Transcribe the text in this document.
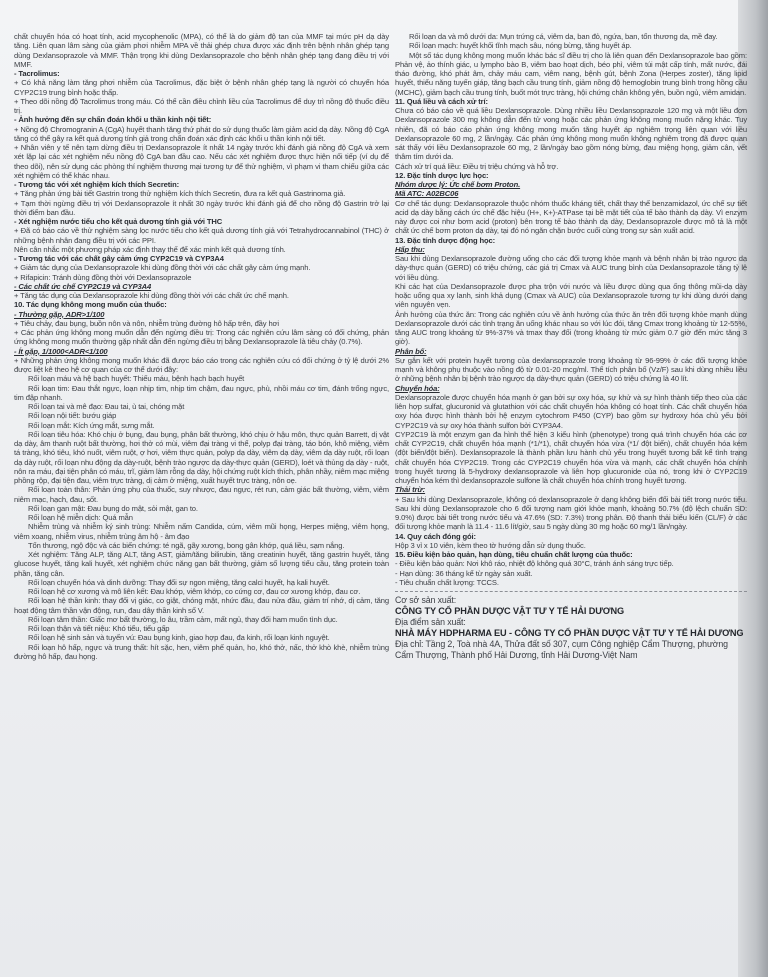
chất chuyển hóa có hoạt tính, acid mycophenolic (MPA), có thể là do giảm độ tan của MMF tại mức pH dạ dày tăng. Liên quan lâm sàng của giảm phơi nhiễm MPA về thải ghép chưa được xác định trên bệnh nhân ghép tạng dùng Dexlansoprazole và MMF. Thận trọng khi dùng Dexlansoprazole cho bệnh nhân ghép tạng đang điều trị với MMF.

- Tacrolimus:

+ Có khả năng làm tăng phơi nhiễm của Tacrolimus, đặc biệt ở bệnh nhân ghép tạng là người có chuyển hóa CYP2C19 trung bình hoặc thấp.

+ Theo dõi nồng độ Tacrolimus trong máu. Có thể cần điều chỉnh liều của Tacrolimus để duy trì nồng độ thuốc điều trị.

- Ảnh hưởng đến sự chẩn đoán khối u thần kinh nội tiết:

+ Nồng độ Chromogranin A (CgA) huyết thanh tăng thứ phát do sử dụng thuốc làm giảm acid dạ dày. Nồng độ CgA tăng có thể gây ra kết quả dương tính giả trong chẩn đoán xác định các khối u thần kinh nội tiết.

+ Nhân viên y tế nên tạm dừng điều trị Dexlansoprazole ít nhất 14 ngày trước khi đánh giá nồng độ CgA và xem xét lặp lại các xét nghiệm nếu nồng độ CgA ban đầu cao. Nếu các xét nghiệm được thực hiện nối tiếp (ví dụ để theo dõi), nên sử dụng các phòng thí nghiệm thương mại tương tự để thử nghiệm, vì phạm vi tham chiếu giữa các xét nghiệm có thể khác nhau.

- Tương tác với xét nghiệm kích thích Secretin:

+ Tăng phản ứng bài tiết Gastrin trong thử nghiệm kích thích Secretin, đưa ra kết quả Gastrinoma giả.

+ Tạm thời ngừng điều trị với Dexlansoprazole ít nhất 30 ngày trước khi đánh giá để cho nồng độ Gastrin trở lại thời điểm ban đầu.

- Xét nghiệm nước tiểu cho kết quả dương tính giả với THC

+ Đã có báo cáo về thử nghiệm sàng lọc nước tiểu cho kết quả dương tính giả với Tetrahydrocannabinol (THC) ở những bệnh nhân đang điều trị với các PPI.

Nên cân nhắc một phương pháp xác định thay thế để xác minh kết quả dương tính.

- Tương tác với các chất gây cảm ứng CYP2C19 và CYP3A4

+ Giảm tác dụng của Dexlansoprazole khi dùng đồng thời với các chất gây cảm ứng mạnh.

+ Rifapicin: Tránh dùng đồng thời với Dexlansoprazole

- Các chất ức chế CYP2C19 và CYP3A4

+ Tăng tác dụng của Dexlansoprazole khi dùng đồng thời với các chất ức chế mạnh.

10. Tác dụng không mong muốn của thuốc:

- Thường gặp, ADR>1/100

+ Tiêu chảy, đau bụng, buồn nôn và nôn, nhiễm trùng đường hô hấp trên, đầy hơi

+ Các phản ứng không mong muốn dẫn đến ngừng điều trị: Trong các nghiên cứu lâm sàng có đối chứng, phản ứng không mong muốn thường gặp nhất dẫn đến ngừng điều trị bằng Dexlansoprazole là tiêu chảy (0.7%).

- Ít gặp, 1/1000<ADR<1/100

+ Những phản ứng không mong muốn khác đã được báo cáo trong các nghiên cứu có đối chứng ở tỷ lệ dưới 2% được liệt kê theo hệ cơ quan của cơ thể dưới đây:

Rối loạn máu và hệ bạch huyết: Thiếu máu, bệnh hạch bạch huyết

Rối loạn tim: Đau thắt ngực, loạn nhịp tim, nhịp tim chậm, đau ngực, phù, nhồi máu cơ tim, đánh trống ngực, tim đập nhanh.

Rối loạn tai và mê đạo: Đau tai, ù tai, chóng mặt

Rối loạn nội tiết: bướu giáp

Rối loạn mắt: Kích ứng mắt, sưng mắt.

Rối loạn tiêu hóa: Khó chịu ở bụng, đau bụng, phân bất thường, khó chịu ở hậu môn, thực quản Barrett, dị vật dạ dày, âm thanh ruột bất thường, hơi thở có mùi, viêm đại tràng vi thể, polyp đại tràng, táo bón, khô miệng, viêm tá tràng, khó tiêu, khó nuốt, viêm ruột, ợ hơi, viêm thực quản, polyp dạ dày, viêm dạ dày, viêm dạ dày ruột, rối loạn dạ dày ruột, rối loạn nhu động dạ dày-ruột, bệnh trào ngược dạ dày-thực quản (GERD), loét và thủng dạ dày - ruột, nôn ra máu, đại tiện phân có máu, trĩ, giảm làm rỗng dạ dày, hội chứng ruột kích thích, phân nhầy, niêm mạc miệng phồng rộp, đại tiện đau, viêm trực tràng, dị cảm ở miệng, xuất huyết trực tràng, nôn oẹ.

Rối loạn toàn thân: Phản ứng phụ của thuốc, suy nhược, đau ngực, rét run, cảm giác bất thường, viêm, viêm niêm mạc, hạch, đau, sốt.

Rối loạn gan mật: Đau bụng do mật, sỏi mật, gan to.

Rối loạn hệ miễn dịch: Quá mẫn

Nhiễm trùng và nhiễm ký sinh trùng: Nhiễm nấm Candida, cúm, viêm mũi họng, Herpes miệng, viêm họng, viêm xoang, nhiễm virus, nhiễm trùng âm hộ - âm đạo

Tổn thương, ngộ độc và các biến chứng: té ngã, gãy xương, bong gân khớp, quá liều, sạm nắng.

Xét nghiệm: Tăng ALP, tăng ALT, tăng AST, giảm/tăng bilirubin, tăng creatinin huyết, tăng gastrin huyết, tăng glucose huyết, tăng kali huyết, xét nghiệm chức năng gan bất thường, giảm số lượng tiểu cầu, tăng protein toàn phần, tăng cân.

Rối loạn chuyển hóa và dinh dưỡng: Thay đổi sự ngon miệng, tăng calci huyết, hạ kali huyết.

Rối loạn hệ cơ xương và mô liên kết: Đau khớp, viêm khớp, co cứng cơ, đau cơ xương khớp, đau cơ.

Rối loạn hệ thần kinh: thay đổi vị giác, co giật, chóng mặt, nhức đầu, đau nửa đầu, giảm trí nhớ, dị cảm, tăng hoạt động tâm thần vận động, run, đau dây thần kinh số V.

Rối loạn tâm thần: Giấc mơ bất thường, lo âu, trầm cảm, mất ngủ, thay đổi ham muốn tình dục.

Rối loạn thận và tiết niệu: Khó tiểu, tiểu gấp

Rối loạn hệ sinh sản và tuyến vú: Đau bụng kinh, giao hợp đau, đa kinh, rối loạn kinh nguyệt.

Rối loạn hô hấp, ngực và trung thất: hít sặc, hen, viêm phế quản, ho, khó thở, nấc, thở khò khè, nhiễm trùng đường hô hấp, đau họng.

Rối loạn da và mô dưới da: Mụn trứng cá, viêm da, ban đỏ, ngứa, ban, tổn thương da, mề đay.

Rối loạn mạch: huyết khối tĩnh mạch sâu, nóng bừng, tăng huyết áp.

Một số tác dụng không mong muốn khác bác sĩ điều trị cho là liên quan đến Dexlansoprazole bao gồm: Phản vệ, ảo thính giác, u lympho bào B, viêm bao hoạt dịch, béo phì, viêm túi mật cấp tính, mất nước, đái tháo đường, khó phát âm, chảy máu cam, viêm nang, bệnh gút, bệnh Zona (Herpes zoster), tăng lipid huyết, thiểu năng tuyến giáp, tăng bạch cầu trung tính, giảm nồng độ hemoglobin trung bình trong hồng cầu (MCHC), giảm bạch cầu trung tính, buốt mót trực tràng, hội chứng chân không yên, buồn ngủ, viêm amidan.

11. Quá liều và cách xử trí:

Chưa có báo cáo về quá liều Dexlansoprazole. Dùng nhiều liều Dexlansoprazole 120 mg và một liều đơn Dexlansoprazole 300 mg không dẫn đến tử vong hoặc các phản ứng không mong muốn nặng khác. Tuy nhiên, đã có báo cáo phản ứng không mong muốn tăng huyết áp nghiêm trọng liên quan với liều Dexlansoprazole 60 mg, 2 lần/ngày. Các phản ứng không mong muốn không nghiêm trọng đã được quan sát thấy với liều Dexlansoprazole 60 mg, 2 lần/ngày bao gồm nóng bừng, đau miệng họng, giảm cân, vết thâm tím dưới da.

Cách xử trí quá liều: Điều trị triệu chứng và hỗ trợ.

12. Đặc tính dược lực học:

Nhóm dược lý: Ức chế bơm Proton.

Mã ATC: A02BC06

Cơ chế tác dụng: Dexlansoprazole thuộc nhóm thuốc kháng tiết, chất thay thế benzamidazol, ức chế sự tiết acid dạ dày bằng cách ức chế đặc hiệu (H+, K+)-ATPase tại bề mặt tiết của tế bào thành dạ dày. Vì enzym này được coi như bơm acid (proton) bên trong tế bào thành dạ dày, Dexlansoprazole được mô tả là một chất ức chế bơm proton dạ dày, tại đó nó ngăn chặn bước cuối cùng trong sự sản xuất acid.

13. Đặc tính dược động học:

Hấp thu:

Sau khi dùng Dexlansoprazole đường uống cho các đối tượng khỏe mạnh và bệnh nhân bị trào ngược dạ dày-thực quản (GERD) có triệu chứng, các giá trị Cmax và AUC trung bình của Dexlansoprazole tăng tỷ lệ với liều dùng.

Khi các hạt của Dexlansoprazole được pha trộn với nước và liều được dùng qua ống thông mũi-dạ dày hoặc uống qua xy lanh, sinh khả dụng (Cmax và AUC) của Dexlansoprazole tương tự khi dùng dưới dạng viên nguyên vẹn.

Ảnh hưởng của thức ăn: Trong các nghiên cứu về ảnh hưởng của thức ăn trên đối tượng khỏe mạnh dùng Dexlansoprazole dưới các tình trạng ăn uống khác nhau so với lúc đói, tăng Cmax trong khoảng từ 12-55%, tăng AUC trong khoảng từ 9%-37% và tmax thay đổi (trong khoảng từ mức giảm 0.7 giờ đến mức tăng 3 giờ).

Phân bố:

Sự gắn kết với protein huyết tương của dexlansoprazole trong khoảng từ 96-99% ở các đối tượng khỏe mạnh và không phụ thuộc vào nồng độ từ 0.01-20 mcg/ml. Thể tích phân bố (Vz/F) sau khi dùng nhiều liều ở những bệnh nhân bị bệnh trào ngược dạ dày-thực quản (GERD) có triệu chứng là 40 lít.

Chuyển hóa:

Dexlansoprazole được chuyển hóa mạnh ở gan bởi sự oxy hóa, sự khử và sự hình thành tiếp theo của các liên hợp sulfat, glucuronid và glutathion với các chất chuyển hóa không có hoạt tính. Các chất chuyển hóa oxy hóa được hình thành bởi hệ enzym cytochrom P450 (CYP) bao gồm sự hydroxy hóa chủ yếu bởi CYP2C19 và sự oxy hóa thành sulfon bởi CYP3A4.

CYP2C19 là một enzym gan đa hình thể hiện 3 kiểu hình (phenotype) trong quá trình chuyển hóa các cơ chất CYP2C19, chất chuyển hóa mạnh (*1/*1), chất chuyển hóa vừa (*1/ đột biến), chất chuyển hóa kém (đột biến/đột biến). Dexlansoprazole là thành phần lưu hành chủ yếu trong huyết tương bất kể tình trạng chất chuyển hóa CYP2C19. Trong các CYP2C19 chuyển hóa vừa và mạnh, các chất chuyển hóa chính trong huyết tương là 5-hydroxy dexlansoprazole và liên hợp glucuronide của nó, trong khi ở CYP2C19 chuyển hóa kém thì dexlansoprazole sulfone là chất chuyển hóa chính trong huyết tương.

Thải trừ:

+ Sau khi dùng Dexlansoprazole, không có dexlansoprazole ở dạng không biến đổi bài tiết trong nước tiểu. Sau khi dùng Dexlansoprazole cho 6 đối tượng nam giới khỏe mạnh, khoảng 50.7% (độ lệch chuẩn SD: 9.0%) được bài tiết trong nước tiểu và 47.6% (SD: 7.3%) trong phân. Độ thanh thải biểu kiến (CL/F) ở các đối tượng khỏe mạnh là 11.4 - 11.6 lít/giờ, sau 5 ngày dùng 30 mg hoặc 60 mg/1 lần/ngày.

14. Quy cách đóng gói:

Hộp 3 vỉ x 10 viên, kèm theo tờ hướng dẫn sử dụng thuốc.

15. Điều kiện bảo quản, hạn dùng, tiêu chuẩn chất lượng của thuốc:

- Điều kiện bảo quản: Nơi khô ráo, nhiệt độ không quá 30°C, tránh ánh sáng trực tiếp.

- Hạn dùng: 36 tháng kể từ ngày sản xuất.

- Tiêu chuẩn chất lượng: TCCS.

Cơ sở sản xuất:
CÔNG TY CỔ PHẦN DƯỢC VẬT TƯ Y TẾ HẢI DƯƠNG
Địa điểm sản xuất:
NHÀ MÁY HDPHARMA EU - CÔNG TY CỔ PHẦN DƯỢC VẬT TƯ Y TẾ HẢI DƯƠNG
Địa chỉ: Tầng 2, Toà nhà 4A, Thửa đất số 307, cụm Công nghiệp Cẩm Thượng, phường Cẩm Thượng, Thành phố Hải Dương, tỉnh Hải Dương-Việt Nam
